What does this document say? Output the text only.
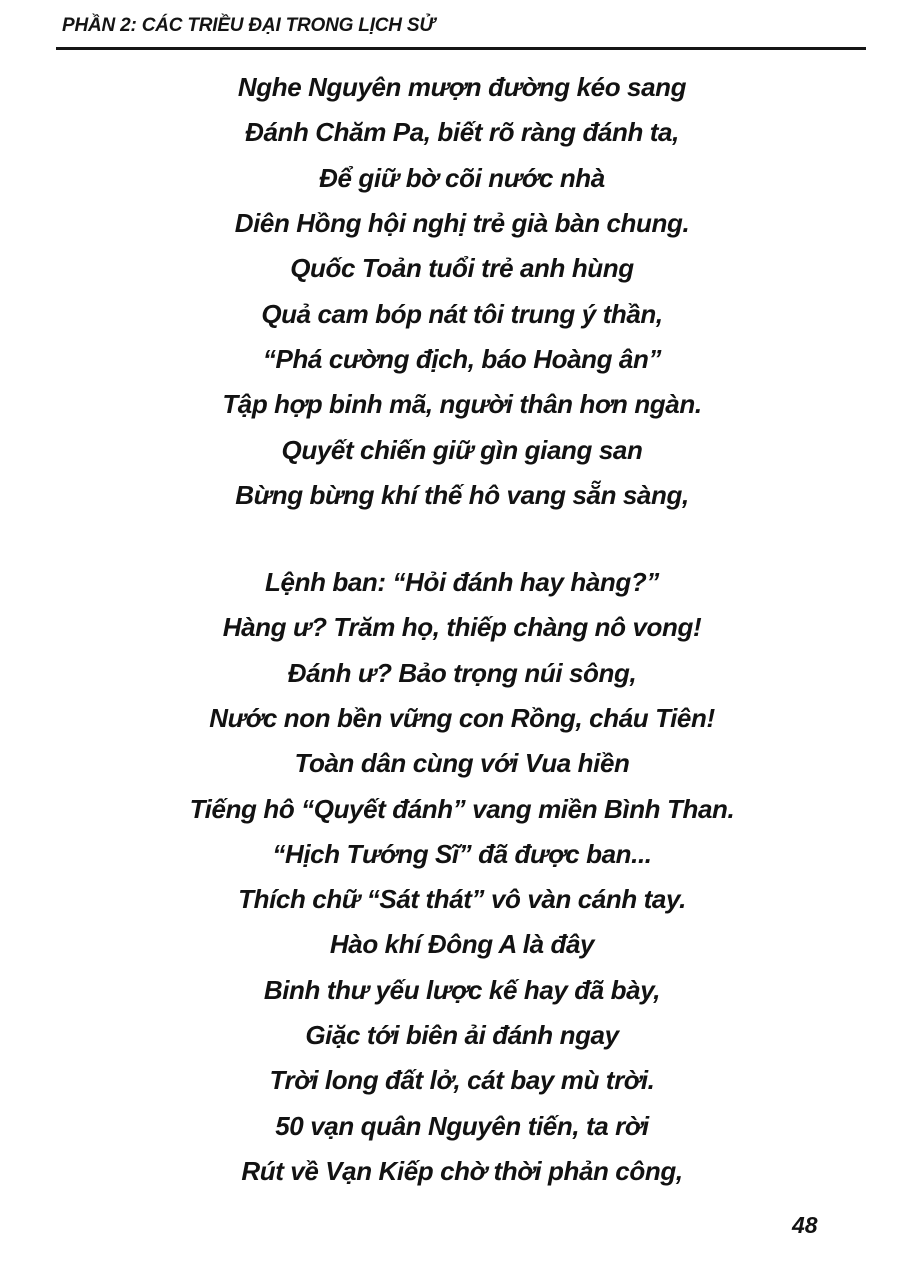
PHẦN 2: CÁC TRIỀU ĐẠI TRONG LỊCH SỬ
Nghe Nguyên mượn đường kéo sang
Đánh Chăm Pa, biết rõ ràng đánh ta,
Để giữ bờ cõi nước nhà
Diên Hồng hội nghị trẻ già bàn chung.
Quốc Toản tuổi trẻ anh hùng
Quả cam bóp nát tôi trung ý thần,
“Phá cường địch, báo Hoàng ân”
Tập hợp binh mã, người thân hơn ngàn.
Quyết chiến giữ gìn giang san
Bừng bừng khí thế hô vang sẵn sàng,
Lệnh ban: “Hỏi đánh hay hàng?”
Hàng ư? Trăm họ, thiếp chàng nô vong!
Đánh ư? Bảo trọng núi sông,
Nước non bền vững con Rồng, cháu Tiên!
Toàn dân cùng với Vua hiền
Tiếng hô “Quyết đánh” vang miền Bình Than.
“Hịch Tướng Sĩ” đã được ban...
Thích chữ “Sát thát” vô vàn cánh tay.
Hào khí Đông A là đây
Binh thư yếu lược kế hay đã bày,
Giặc tới biên ải đánh ngay
Trời long đất lở, cát bay mù trời.
50 vạn quân Nguyên tiến, ta rời
Rút về Vạn Kiếp chờ thời phản công,
48
